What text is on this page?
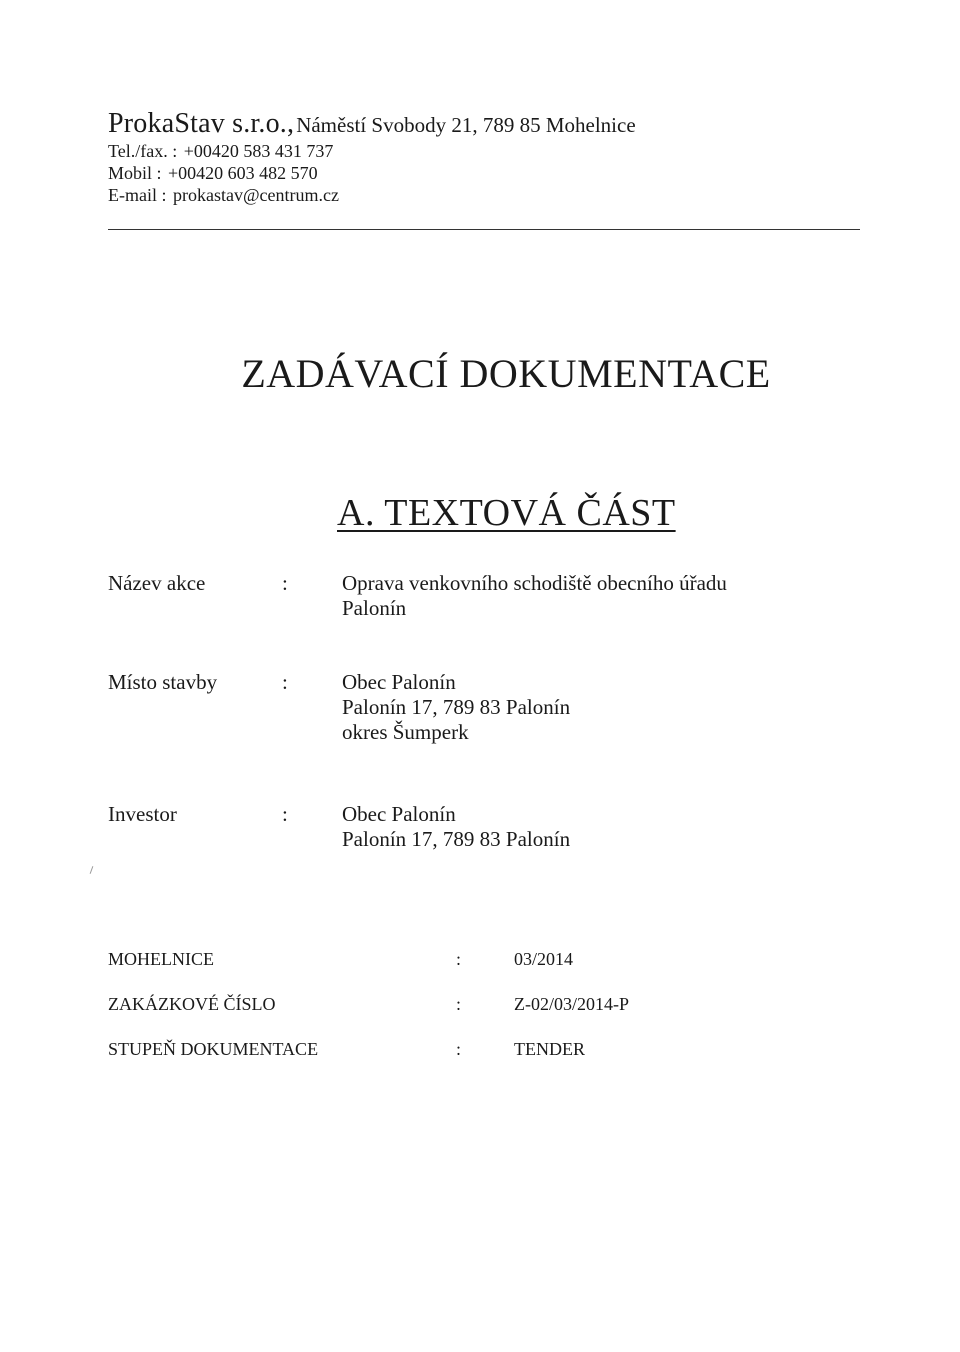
ProkaStav s.r.o., Náměstí Svobody 21, 789 85 Mohelnice
Tel./fax. : +00420 583 431 737
Mobil : +00420 603 482 570
E-mail : prokastav@centrum.cz
ZADÁVACÍ DOKUMENTACE
A. TEXTOVÁ ČÁST
Název akce	:	Oprava venkovního schodiště obecního úřadu
Palonín
Místo stavby	:	Obec Palonín
Palonín 17, 789 83 Palonín
okres Šumperk
Investor	:	Obec Palonín
Palonín 17, 789 83 Palonín
MOHELNICE	:	03/2014
ZAKÁZKOVÉ ČÍSLO	:	Z-02/03/2014-P
STUPEŇ DOKUMENTACE	:	TENDER
